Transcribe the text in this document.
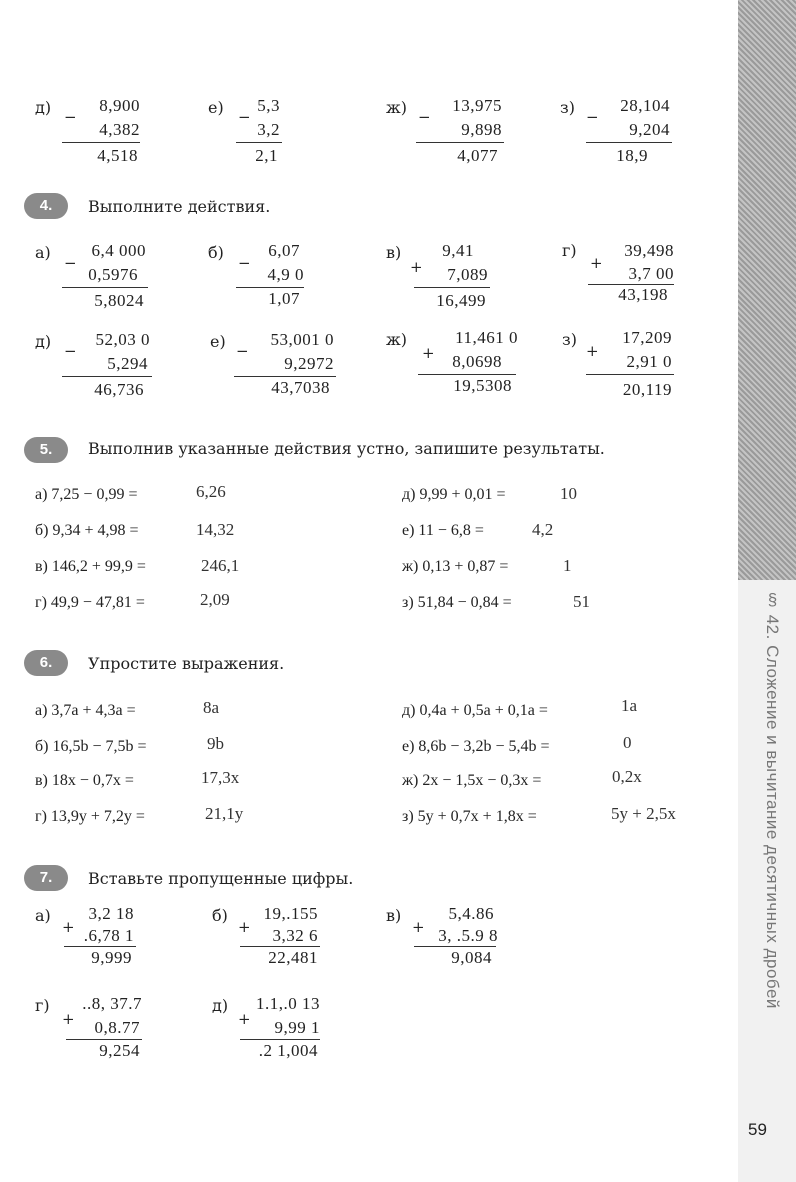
д) −
8,900
4,382
4,518
е) −
5,3
3,2
2,1
ж) −
13,975
9,898
4,077
з) −
28,104
9,204
18,9
4.	Выполните действия.
а)
−
6,4 000
0,5976
5,8024
б)
−
6,07
4,9 0
1,07
в)
+
9,41
7,089
16,499
г)
+
39,498
3,7 00
43,198
д) −
52,03 0
5,294
46,736
е) −
53,001 0
9,2972
43,7038
ж)
+
11,461 0
8,0698
19,5308
з)
+
17,209
2,91 0
20,119
5.	Выполнив указанные действия устно, запишите результаты.
а) 7,25 − 0,99 =	6,26
б) 9,34 + 4,98 =	14,32
в) 146,2 + 99,9 =	246,1
г) 49,9 − 47,81 =	2,09
д) 9,99 + 0,01 =	10
е) 11 − 6,8 =	4,2
ж) 0,13 + 0,87 =	1
з) 51,84 − 0,84 =	51
6.	Упростите выражения.
а) 3,7a + 4,3a =	8a
б) 16,5b − 7,5b =	9b
в) 18x − 0,7x =	17,3x
г) 13,9y + 7,2y =	21,1y
д) 0,4a + 0,5a + 0,1a =	1a
е) 8,6b − 3,2b − 5,4b =	0
ж) 2x − 1,5x − 0,3x =	0,2x
з) 5y + 0,7x + 1,8x =	5y + 2,5x
7.	Вставьте пропущенные цифры.
а)
+
3,2 18
.6,78 1
9,999
б)
+
19,.155
3,32 6
22,481
в)
+
5,4.86
3, .5.9 8
9,084
г)
+
..8, 37.7
0,8.77
9,254
д)
+
1.1,.0 13
9,99 1
.2 1,004
§ 42. Сложение и вычитание десятичных дробей
59
